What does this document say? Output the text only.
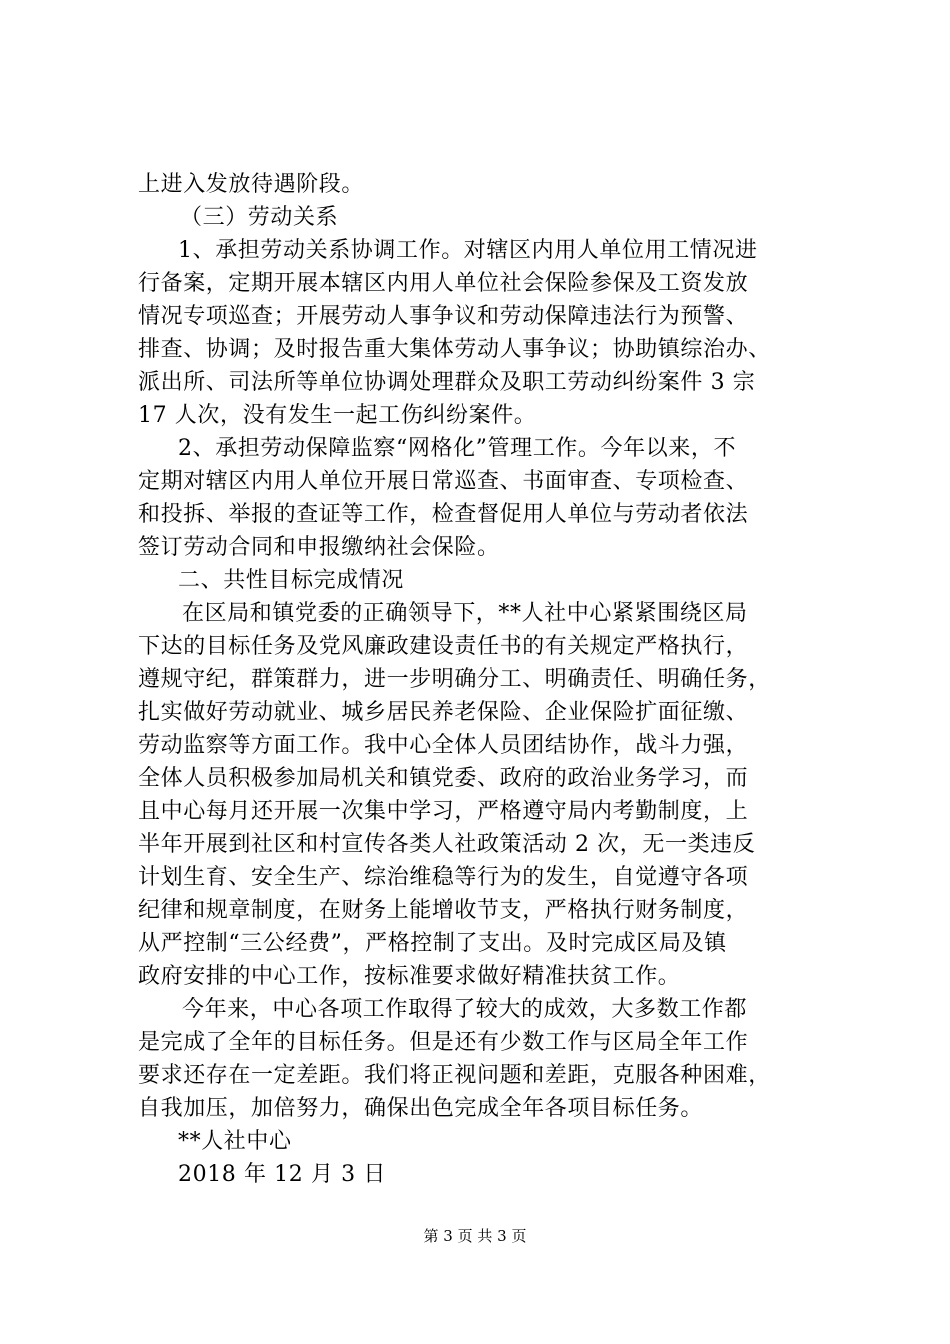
上进入发放待遇阶段。
（三）劳动关系
1、承担劳动关系协调工作。对辖区内用人单位用工情况进
行备案，定期开展本辖区内用人单位社会保险参保及工资发放
情况专项巡查；开展劳动人事争议和劳动保障违法行为预警、
排查、协调；及时报告重大集体劳动人事争议；协助镇综治办、
派出所、司法所等单位协调处理群众及职工劳动纠纷案件 3 宗
17 人次，没有发生一起工伤纠纷案件。
2、承担劳动保障监察“网格化”管理工作。今年以来，不
定期对辖区内用人单位开展日常巡查、书面审查、专项检查、
和投拆、举报的查证等工作，检查督促用人单位与劳动者依法
签订劳动合同和申报缴纳社会保险。
二、共性目标完成情况
在区局和镇党委的正确领导下，**人社中心紧紧围绕区局
下达的目标任务及党风廉政建设责任书的有关规定严格执行，
遵规守纪，群策群力，进一步明确分工、明确责任、明确任务，
扎实做好劳动就业、城乡居民养老保险、企业保险扩面征缴、
劳动监察等方面工作。我中心全体人员团结协作，战斗力强，
全体人员积极参加局机关和镇党委、政府的政治业务学习，而
且中心每月还开展一次集中学习，严格遵守局内考勤制度，上
半年开展到社区和村宣传各类人社政策活动 2 次，无一类违反
计划生育、安全生产、综治维稳等行为的发生，自觉遵守各项
纪律和规章制度，在财务上能增收节支，严格执行财务制度，
从严控制“三公经费”，严格控制了支出。及时完成区局及镇
政府安排的中心工作，按标准要求做好精准扶贫工作。
今年来，中心各项工作取得了较大的成效，大多数工作都
是完成了全年的目标任务。但是还有少数工作与区局全年工作
要求还存在一定差距。我们将正视问题和差距，克服各种困难，
自我加压，加倍努力，确保出色完成全年各项目标任务。
**人社中心
2018 年 12 月 3 日
第 3 页 共 3 页
